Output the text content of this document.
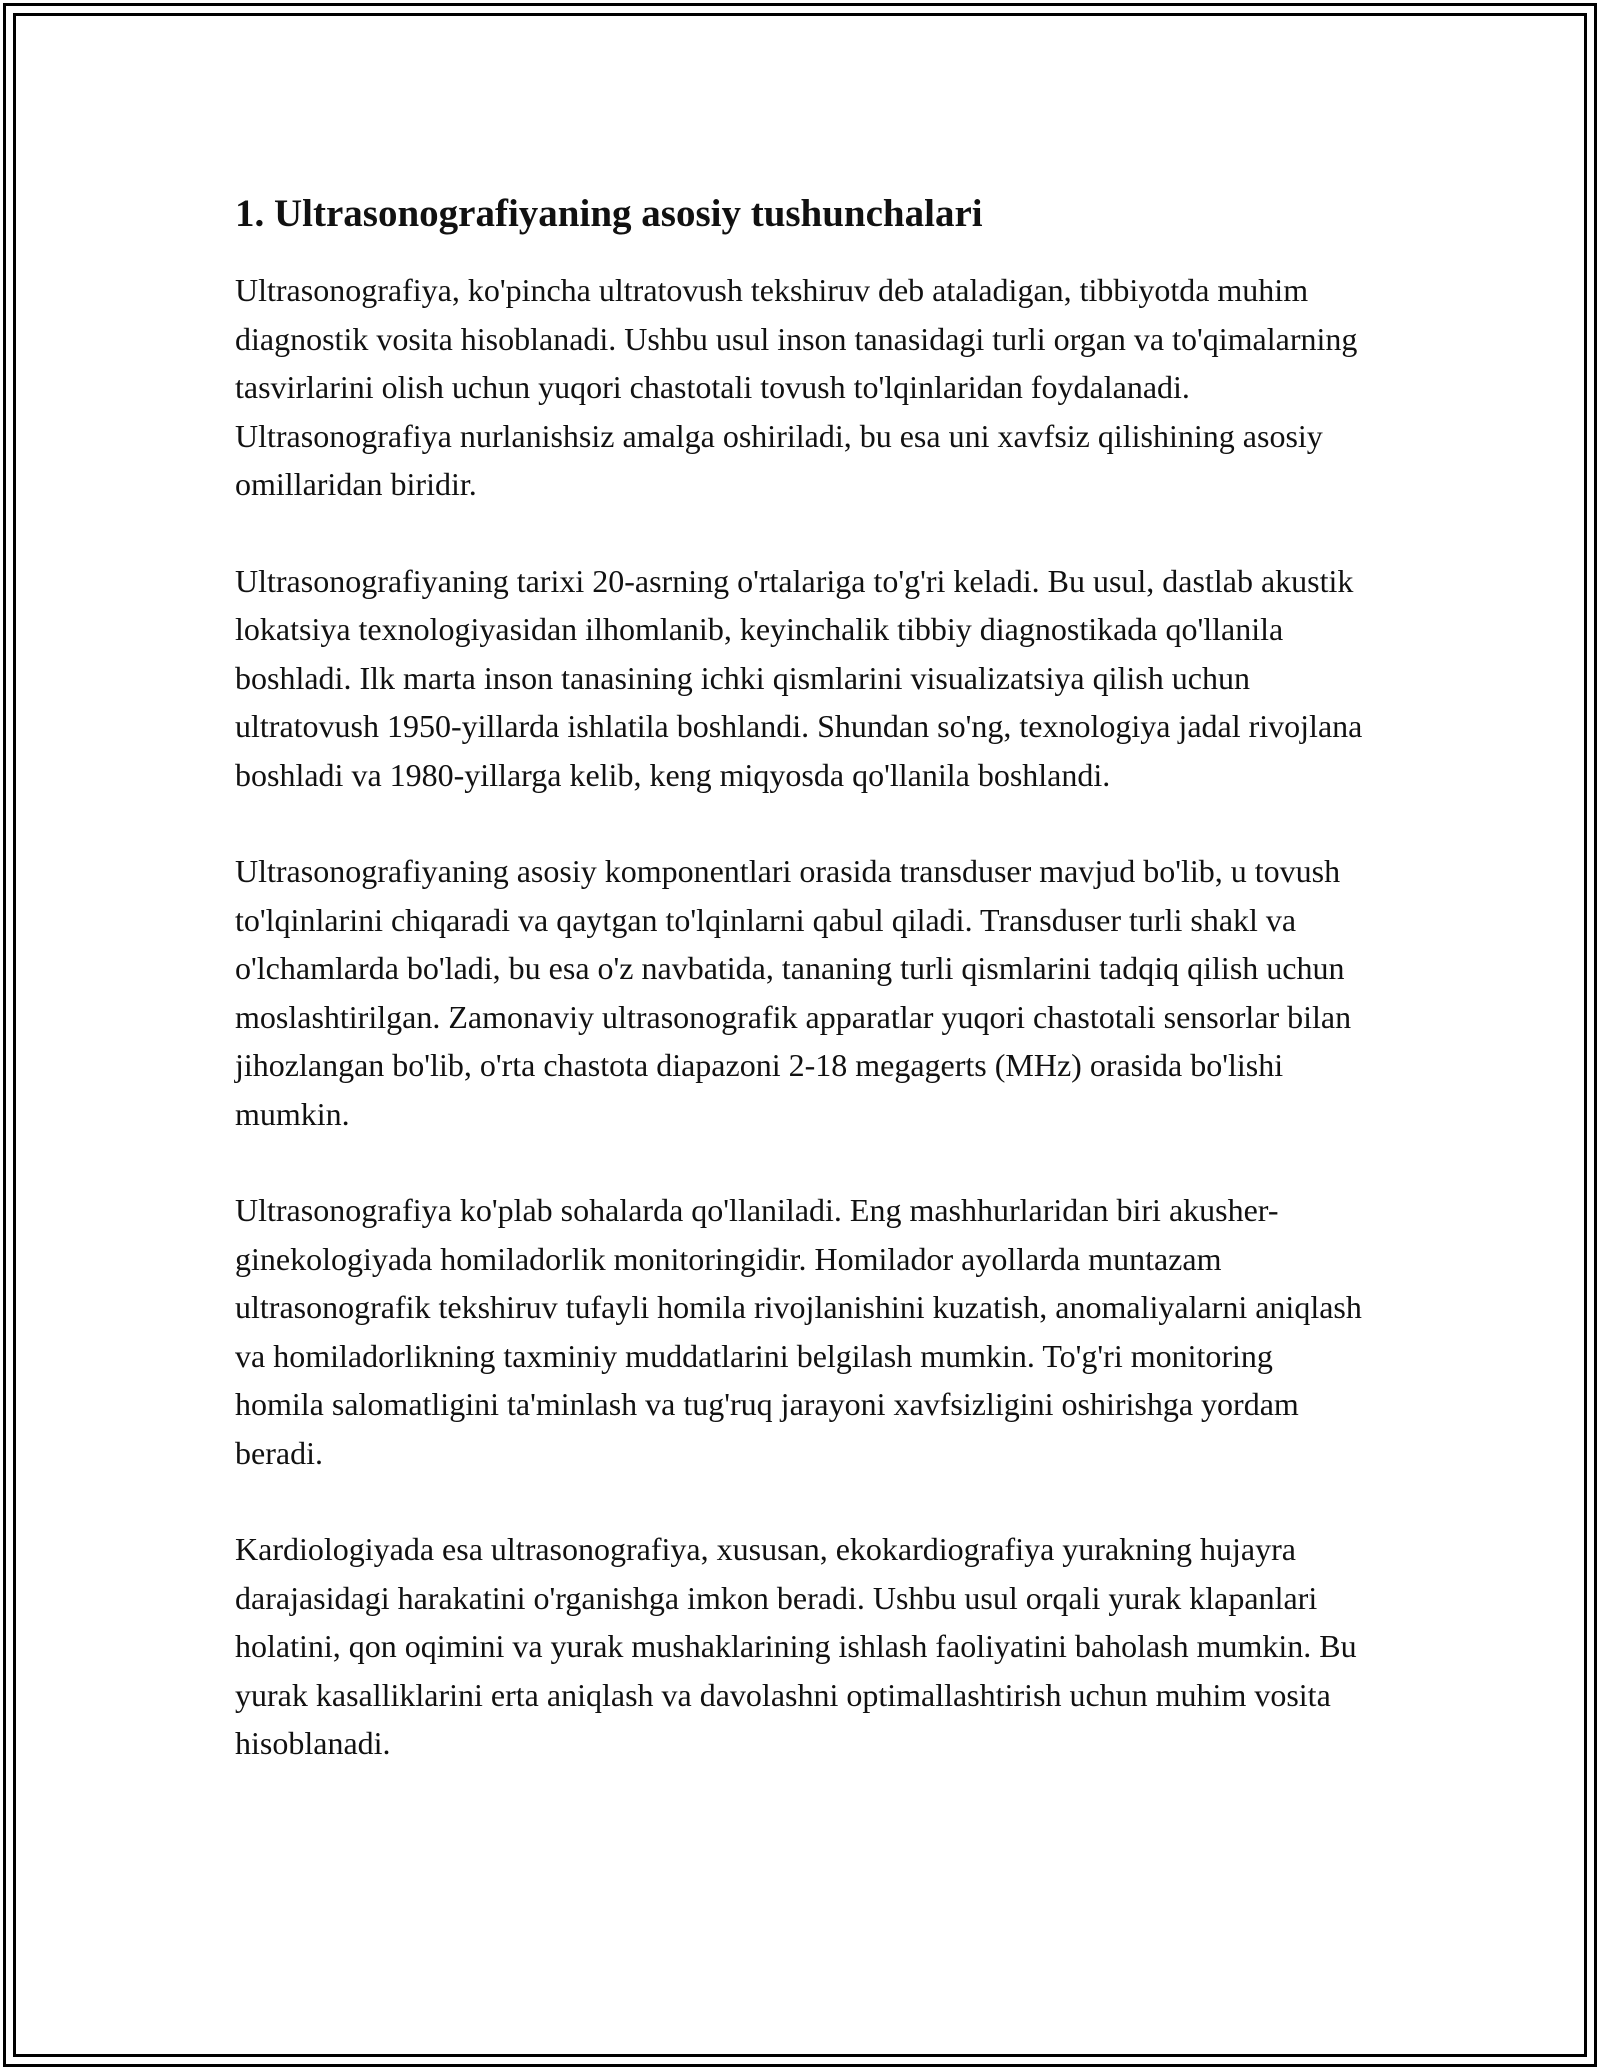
1. Ultrasonografiyaning asosiy tushunchalari

Ultrasonografiya, ko'pincha ultratovush tekshiruv deb ataladigan, tibbiyotda muhim diagnostik vosita hisoblanadi. Ushbu usul inson tanasidagi turli organ va to'qimalarning tasvirlarini olish uchun yuqori chastotali tovush to'lqinlaridan foydalanadi. Ultrasonografiya nurlanishsiz amalga oshiriladi, bu esa uni xavfsiz qilishining asosiy omillaridan biridir.

Ultrasonografiyaning tarixi 20-asrning o'rtalariga to'g'ri keladi. Bu usul, dastlab akustik lokatsiya texnologiyasidan ilhomlanib, keyinchalik tibbiy diagnostikada qo'llanila boshladi. Ilk marta inson tanasining ichki qismlarini visualizatsiya qilish uchun ultratovush 1950-yillarda ishlatila boshlandi. Shundan so'ng, texnologiya jadal rivojlana boshladi va 1980-yillarga kelib, keng miqyosda qo'llanila boshlandi.

Ultrasonografiyaning asosiy komponentlari orasida transduser mavjud bo'lib, u tovush to'lqinlarini chiqaradi va qaytgan to'lqinlarni qabul qiladi. Transduser turli shakl va o'lchamlarda bo'ladi, bu esa o'z navbatida, tananing turli qismlarini tadqiq qilish uchun moslashtirilgan. Zamonaviy ultrasonografik apparatlar yuqori chastotali sensorlar bilan jihozlangan bo'lib, o'rta chastota diapazoni 2-18 megagerts (MHz) orasida bo'lishi mumkin.

Ultrasonografiya ko'plab sohalarda qo'llaniladi. Eng mashhurlaridan biri akusher-ginekologiyada homiladorlik monitoringidir. Homilador ayollarda muntazam ultrasonografik tekshiruv tufayli homila rivojlanishini kuzatish, anomaliyalarni aniqlash va homiladorlikning taxminiy muddatlarini belgilash mumkin. To'g'ri monitoring homila salomatligini ta'minlash va tug'ruq jarayoni xavfsizligini oshirishga yordam beradi.

Kardiologiyada esa ultrasonografiya, xususan, ekokardiografiya yurakning hujayra darajasidagi harakatini o'rganishga imkon beradi. Ushbu usul orqali yurak klapanlari holatini, qon oqimini va yurak mushaklarining ishlash faoliyatini baholash mumkin. Bu yurak kasalliklarini erta aniqlash va davolashni optimallashtirish uchun muhim vosita hisoblanadi.
